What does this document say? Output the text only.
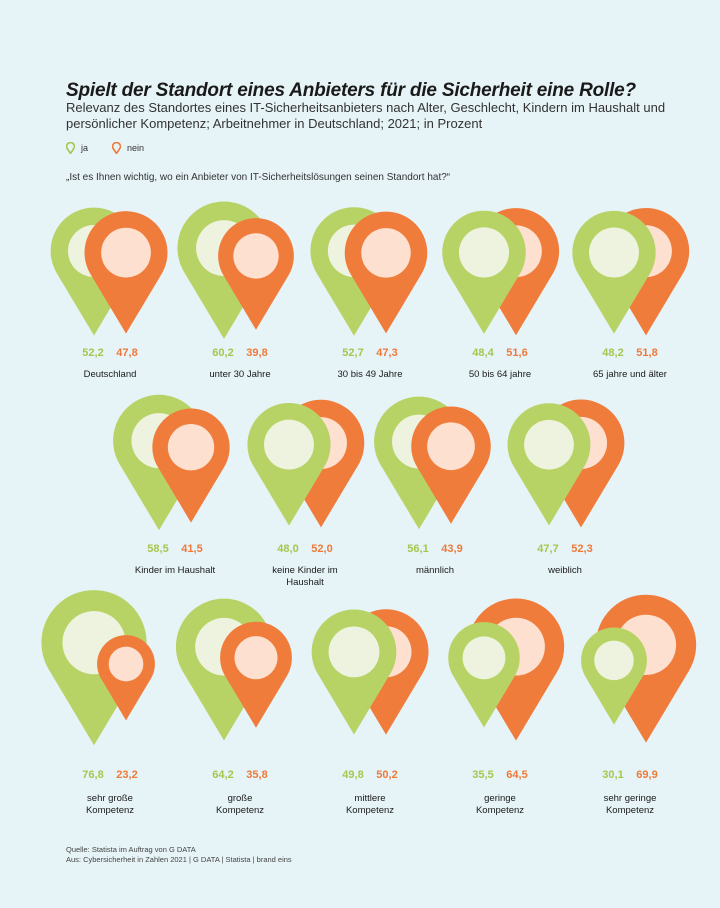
Spielt der Standort eines Anbieters für die Sicherheit eine Rolle?

Relevanz des Standortes eines IT-Sicherheitsanbieters nach Alter, Geschlecht, Kindern im Haushalt und persönlicher Kompetenz; Arbeitnehmer in Deutschland; 2021; in Prozent

ja	nein
„Ist es Ihnen wichtig, wo ein Anbieter von IT-Sicherheitslösungen seinen Standort hat?“
52,2 47,8
Deutschland
60,2 39,8
unter 30 Jahre
52,7 47,3
30 bis 49 Jahre
48,4 51,6
50 bis 64 jahre
48,2 51,8
65 jahre und älter
58,5 41,5
Kinder im Haushalt
48,0 52,0
keine Kinder im
Haushalt
56,1 43,9
männlich
47,7 52,3
weiblich
76,8 23,2
sehr große
Kompetenz
64,2 35,8
große
Kompetenz
49,8 50,2
mittlere
Kompetenz
35,5 64,5
geringe
Kompetenz
30,1 69,9
sehr geringe
Kompetenz
Quelle: Statista im Auftrag von G DATA
Aus: Cybersicherheit in Zahlen 2021 | G DATA | Statista | brand eins
